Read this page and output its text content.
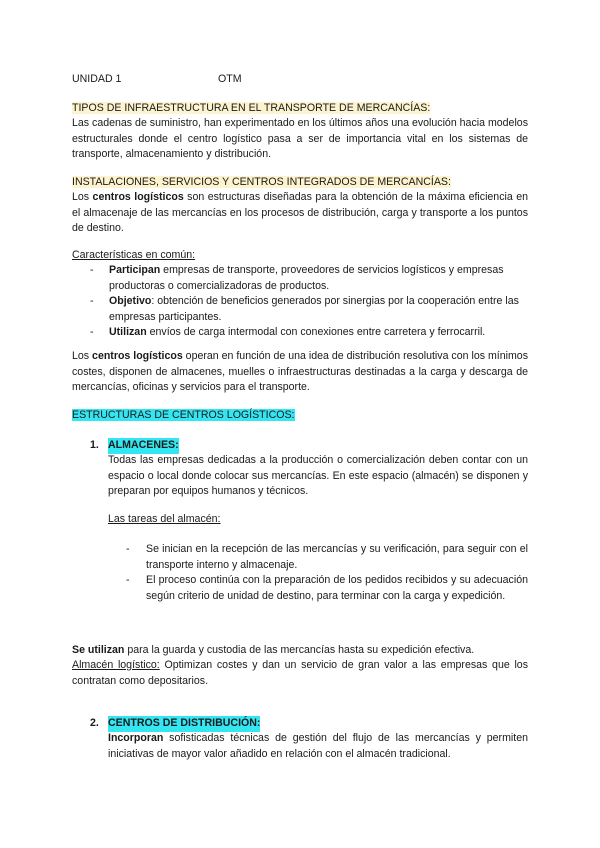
UNIDAD 1	OTM
TIPOS DE INFRAESTRUCTURA EN EL TRANSPORTE DE MERCANCÍAS:
Las cadenas de suministro, han experimentado en los últimos años una evolución hacia modelos estructurales donde el centro logístico pasa a ser de importancia vital en los sistemas de transporte, almacenamiento y distribución.
INSTALACIONES, SERVICIOS Y CENTROS INTEGRADOS DE MERCANCÍAS:
Los centros logísticos son estructuras diseñadas para la obtención de la máxima eficiencia en el almacenaje de las mercancías en los procesos de distribución, carga y transporte a los puntos de destino.
Características en común:
-	Participan empresas de transporte, proveedores de servicios logísticos y empresas productoras o comercializadoras de productos.
-	Objetivo: obtención de beneficios generados por sinergias por la cooperación entre las empresas participantes.
-	Utilizan envíos de carga intermodal con conexiones entre carretera y ferrocarril.
Los centros logísticos operan en función de una idea de distribución resolutiva con los mínimos costes, disponen de almacenes, muelles o infraestructuras destinadas a la carga y descarga de mercancías, oficinas y servicios para el transporte.
ESTRUCTURAS DE CENTROS LOGÍSTICOS:
1. ALMACENES:
Todas las empresas dedicadas a la producción o comercialización deben contar con un espacio o local donde colocar sus mercancías. En este espacio (almacén) se disponen y preparan por equipos humanos y técnicos.
Las tareas del almacén:
- Se inician en la recepción de las mercancías y su verificación, para seguir con el transporte interno y almacenaje.
- El proceso continúa con la preparación de los pedidos recibidos y su adecuación según criterio de unidad de destino, para terminar con la carga y expedición.
Se utilizan para la guarda y custodia de las mercancías hasta su expedición efectiva.
Almacén logístico: Optimizan costes y dan un servicio de gran valor a las empresas que los contratan como depositarios.
2. CENTROS DE DISTRIBUCIÓN:
Incorporan sofisticadas técnicas de gestión del flujo de las mercancías y permiten iniciativas de mayor valor añadido en relación con el almacén tradicional.
